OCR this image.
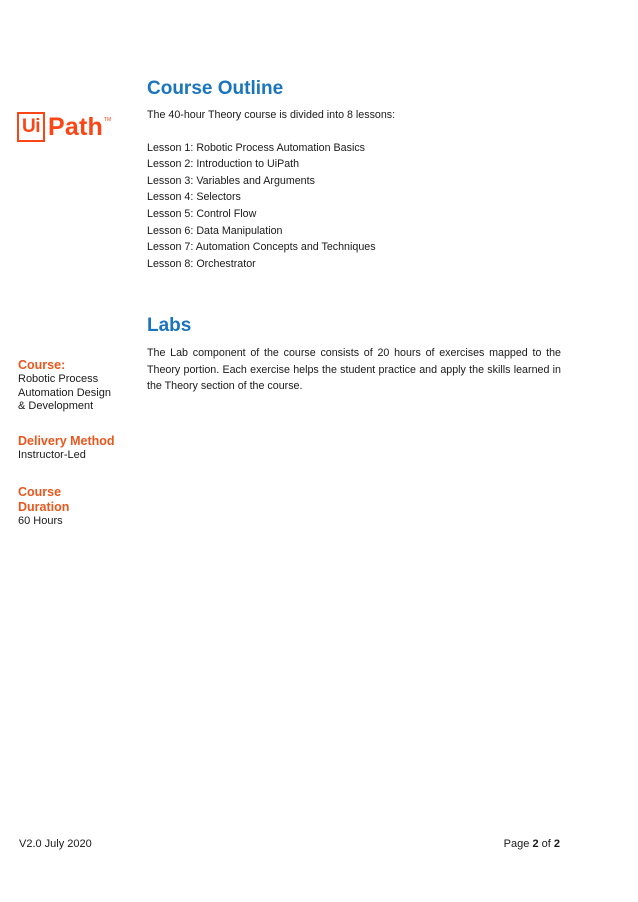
Ui Path TM
Course:
Robotic Process Automation Design & Development
Delivery Method
Instructor-Led
Course Duration
60 Hours
Course Outline

The 40-hour Theory course is divided into 8 lessons:

Lesson 1: Robotic Process Automation Basics
Lesson 2: Introduction to UiPath
Lesson 3: Variables and Arguments
Lesson 4: Selectors
Lesson 5: Control Flow
Lesson 6: Data Manipulation
Lesson 7: Automation Concepts and Techniques
Lesson 8: Orchestrator
Labs

The Lab component of the course consists of 20 hours of exercises mapped to the Theory portion. Each exercise helps the student practice and apply the skills learned in the Theory section of the course.

V2.0 July 2020	Page 2 of 2
